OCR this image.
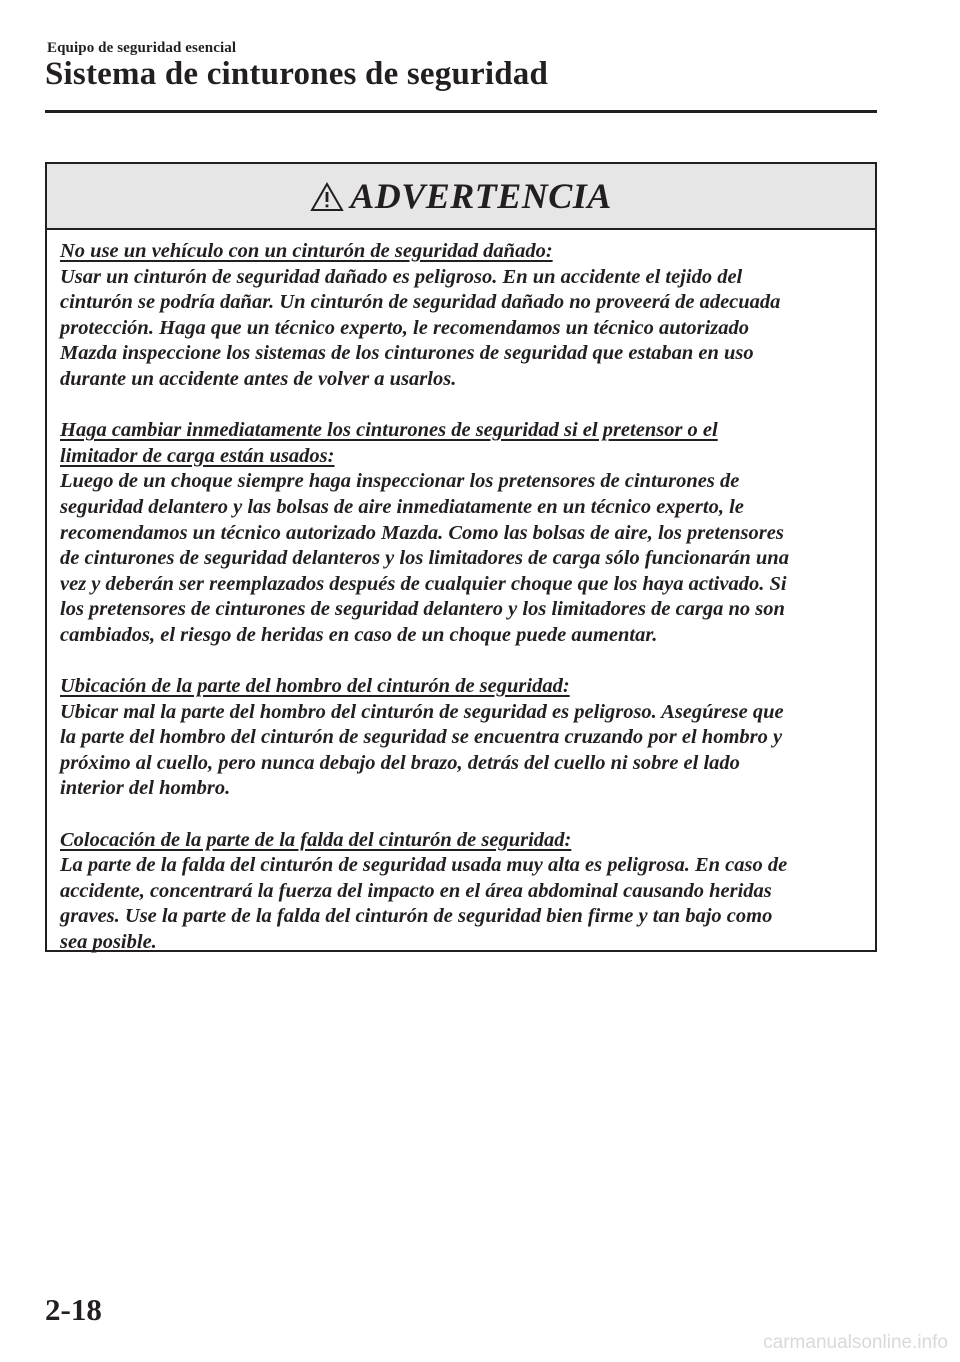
Equipo de seguridad esencial
Sistema de cinturones de seguridad
ADVERTENCIA
No use un vehículo con un cinturón de seguridad dañado:
Usar un cinturón de seguridad dañado es peligroso. En un accidente el tejido del
cinturón se podría dañar. Un cinturón de seguridad dañado no proveerá de adecuada
protección. Haga que un técnico experto, le recomendamos un técnico autorizado
Mazda inspeccione los sistemas de los cinturones de seguridad que estaban en uso
durante un accidente antes de volver a usarlos.
Haga cambiar inmediatamente los cinturones de seguridad si el pretensor o el
limitador de carga están usados:
Luego de un choque siempre haga inspeccionar los pretensores de cinturones de
seguridad delantero y las bolsas de aire inmediatamente en un técnico experto, le
recomendamos un técnico autorizado Mazda. Como las bolsas de aire, los pretensores
de cinturones de seguridad delanteros y los limitadores de carga sólo funcionarán una
vez y deberán ser reemplazados después de cualquier choque que los haya activado. Si
los pretensores de cinturones de seguridad delantero y los limitadores de carga no son
cambiados, el riesgo de heridas en caso de un choque puede aumentar.
Ubicación de la parte del hombro del cinturón de seguridad:
Ubicar mal la parte del hombro del cinturón de seguridad es peligroso. Asegúrese que
la parte del hombro del cinturón de seguridad se encuentra cruzando por el hombro y
próximo al cuello, pero nunca debajo del brazo, detrás del cuello ni sobre el lado
interior del hombro.
Colocación de la parte de la falda del cinturón de seguridad:
La parte de la falda del cinturón de seguridad usada muy alta es peligrosa. En caso de
accidente, concentrará la fuerza del impacto en el área abdominal causando heridas
graves. Use la parte de la falda del cinturón de seguridad bien firme y tan bajo como
sea posible.
2-18
carmanualsonline.info
